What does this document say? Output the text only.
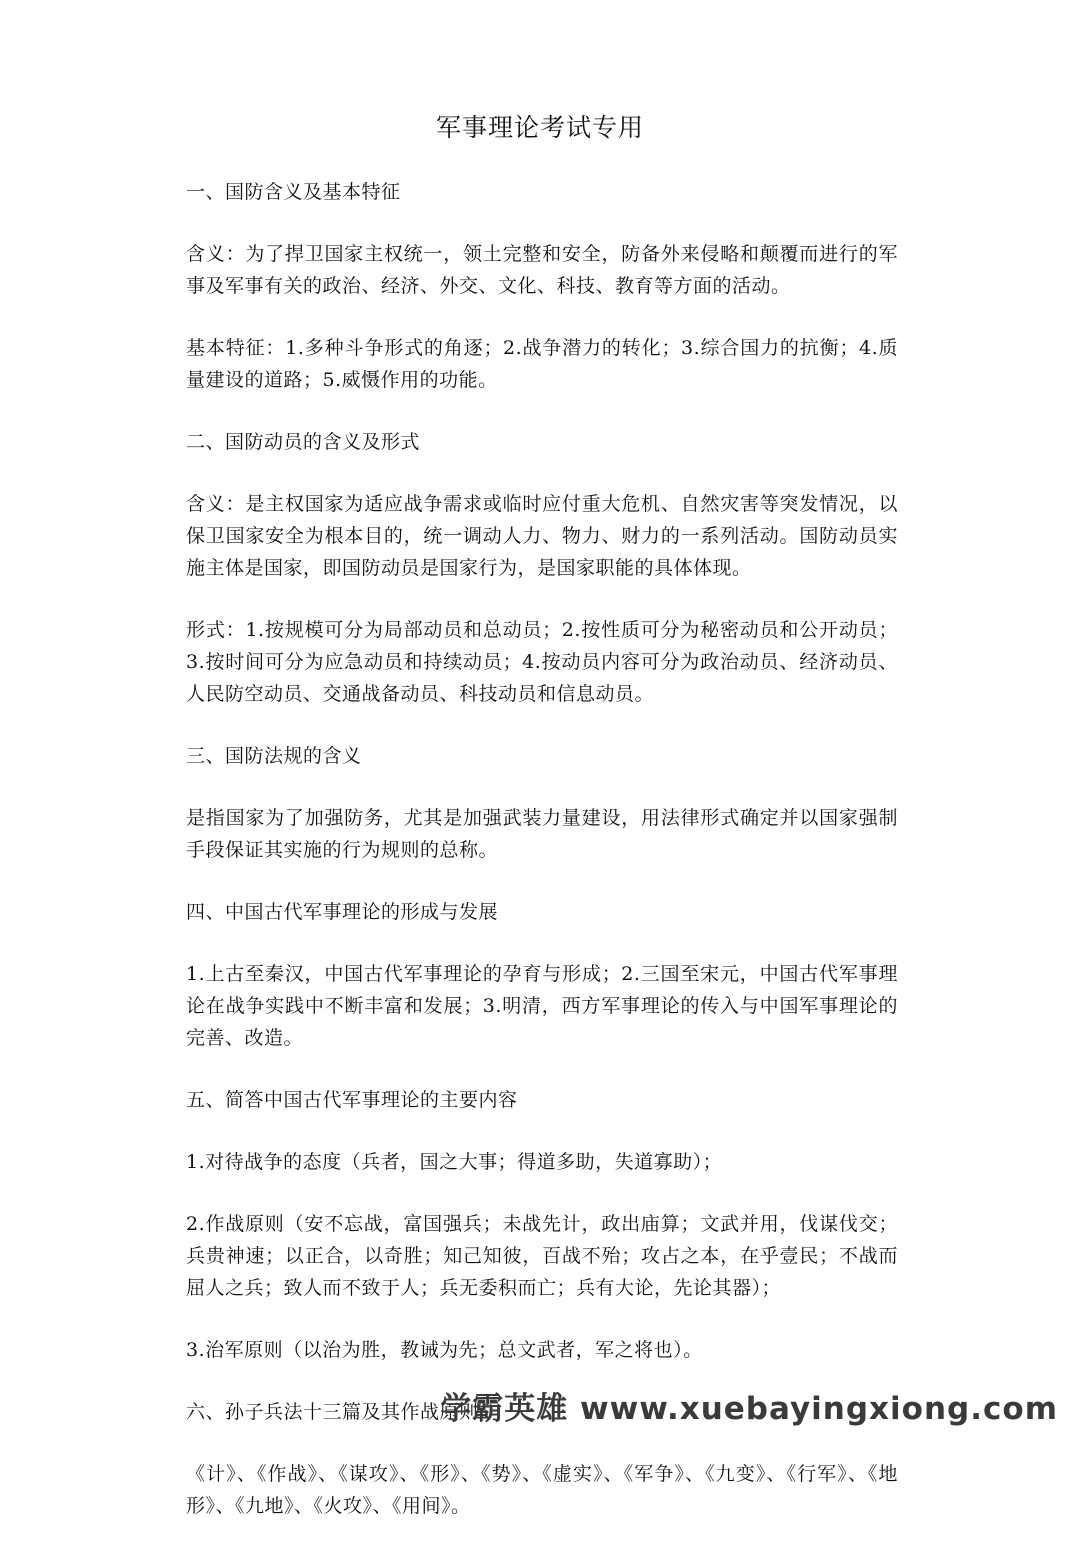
军事理论考试专用

一、国防含义及基本特征

含义：为了捍卫国家主权统一，领土完整和安全，防备外来侵略和颠覆而进行的军事及军事有关的政治、经济、外交、文化、科技、教育等方面的活动。

基本特征：1.多种斗争形式的角逐；2.战争潜力的转化；3.综合国力的抗衡；4.质量建设的道路；5.威慑作用的功能。

二、国防动员的含义及形式

含义：是主权国家为适应战争需求或临时应付重大危机、自然灾害等突发情况，以保卫国家安全为根本目的，统一调动人力、物力、财力的一系列活动。国防动员实施主体是国家，即国防动员是国家行为，是国家职能的具体体现。

形式：1.按规模可分为局部动员和总动员；2.按性质可分为秘密动员和公开动员；3.按时间可分为应急动员和持续动员；4.按动员内容可分为政治动员、经济动员、人民防空动员、交通战备动员、科技动员和信息动员。

三、国防法规的含义

是指国家为了加强防务，尤其是加强武装力量建设，用法律形式确定并以国家强制手段保证其实施的行为规则的总称。

四、中国古代军事理论的形成与发展

1.上古至秦汉，中国古代军事理论的孕育与形成；2.三国至宋元，中国古代军事理论在战争实践中不断丰富和发展；3.明清，西方军事理论的传入与中国军事理论的完善、改造。

五、简答中国古代军事理论的主要内容

1.对待战争的态度（兵者，国之大事；得道多助，失道寡助）；

2.作战原则（安不忘战，富国强兵；未战先计，政出庙算；文武并用，伐谋伐交；兵贵神速；以正合，以奇胜；知己知彼，百战不殆；攻占之本，在乎壹民；不战而屈人之兵；致人而不致于人；兵无委积而亡；兵有大论，先论其器）；

3.治军原则（以治为胜，教诫为先；总文武者，军之将也）。

六、孙子兵法十三篇及其作战原则

《计》、《作战》、《谋攻》、《形》、《势》、《虚实》、《军争》、《九变》、《行军》、《地形》、《九地》、《火攻》、《用间》。

学霸英雄 www.xuebayingxiong.com
